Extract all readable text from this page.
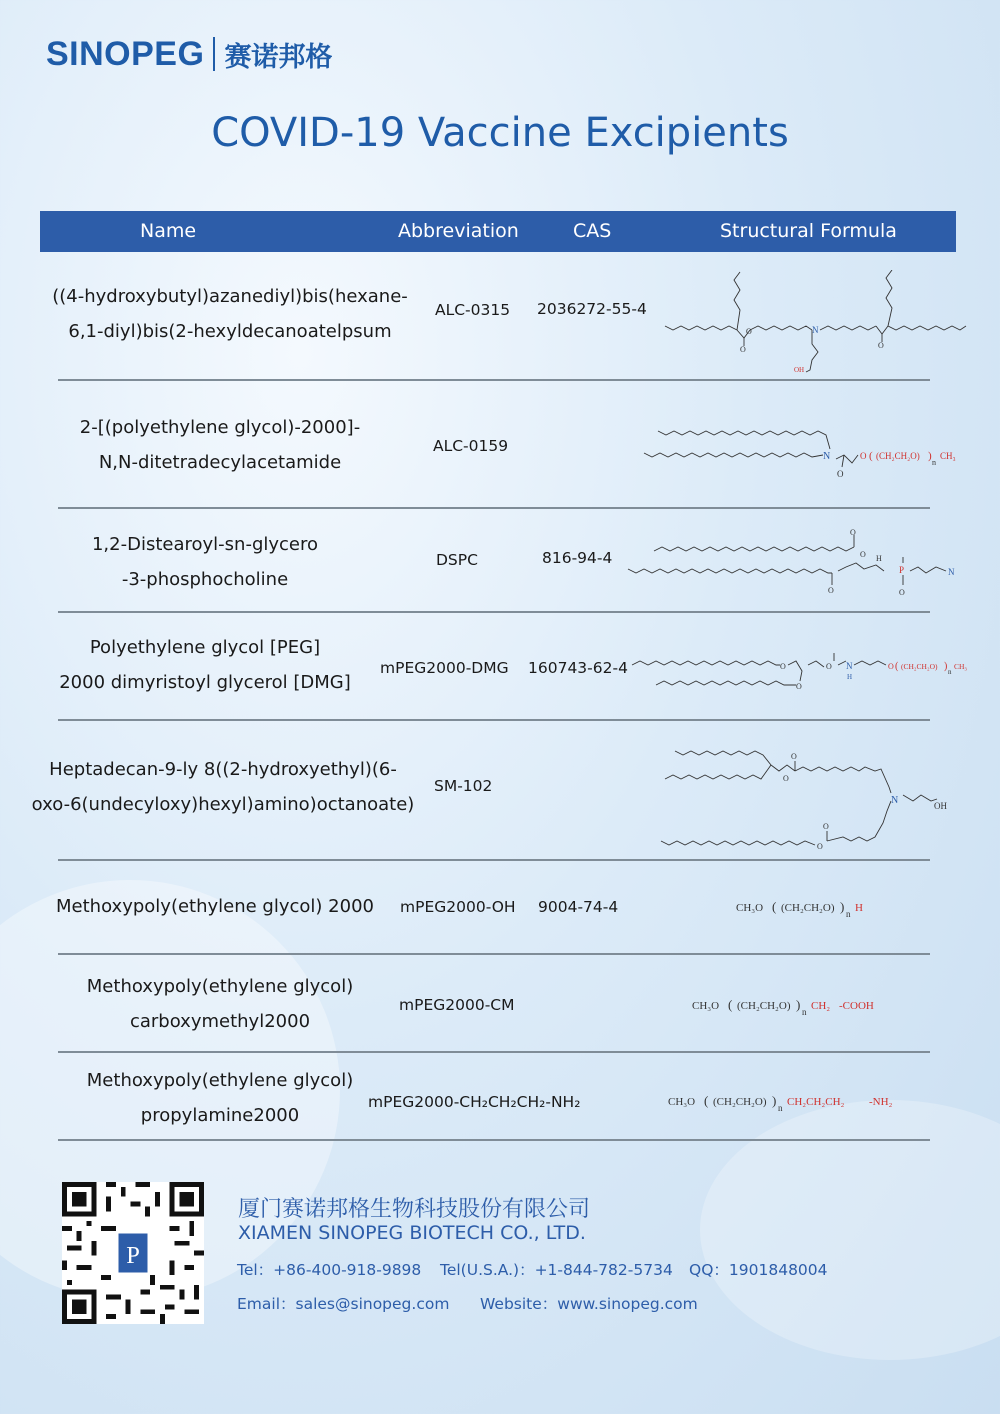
SINOPEG 赛诺邦格
COVID-19 Vaccine Excipients
Name	Abbreviation	CAS	Structural Formula
((4-hydroxybutyl)azanediyl)bis(hexane-
6,1-diyl)bis(2-hexyldecanoatelpsum
ALC-0315 2036272-55-4
O	N
O	O
OH
2-[(polyethylene glycol)-2000]-
N,N-ditetradecylacetamide
ALC-0159
N
O
O ( (CH₂CH₂O) )
n
CH₃
1,2-Distearoyl-sn-glycero
-3-phosphocholine
DSPC	816-94-4
O
O H
O
P
O
N
Polyethylene glycol [PEG]
2000 dimyristoyl glycerol [DMG]
mPEG2000-DMG 160743-62-4	O
O
O N
H
O ( (CH₂CH₂O) ) n
CH₃
Heptadecan-9-ly 8((2-hydroxyethyl)(6-
oxo-6(undecyloxy)hexyl)amino)octanoate)
SM-102	O
O
N	OH
O
O
Methoxypoly(ethylene glycol) 2000	mPEG2000-OH 9004-74-4	CH₃O ( (CH₂CH₂O) ) n H
Methoxypoly(ethylene glycol)
carboxymethyl2000
mPEG2000-CM	CH₃O ( (CH₂CH₂O) ) n CH₂ -COOH
Methoxypoly(ethylene glycol)
propylamine2000
mPEG2000-CH₂CH₂CH₂-NH₂	CH₃O ( (CH₂CH₂O) ) n CH₂CH₂CH₂ -NH₂
P
厦门赛诺邦格生物科技股份有限公司
XIAMEN SINOPEG BIOTECH CO., LTD.
Tel：+86-400-918-9898 Tel(U.S.A.)：+1-844-782-5734 QQ：1901848004
Email：sales@sinopeg.com Website：www.sinopeg.com
